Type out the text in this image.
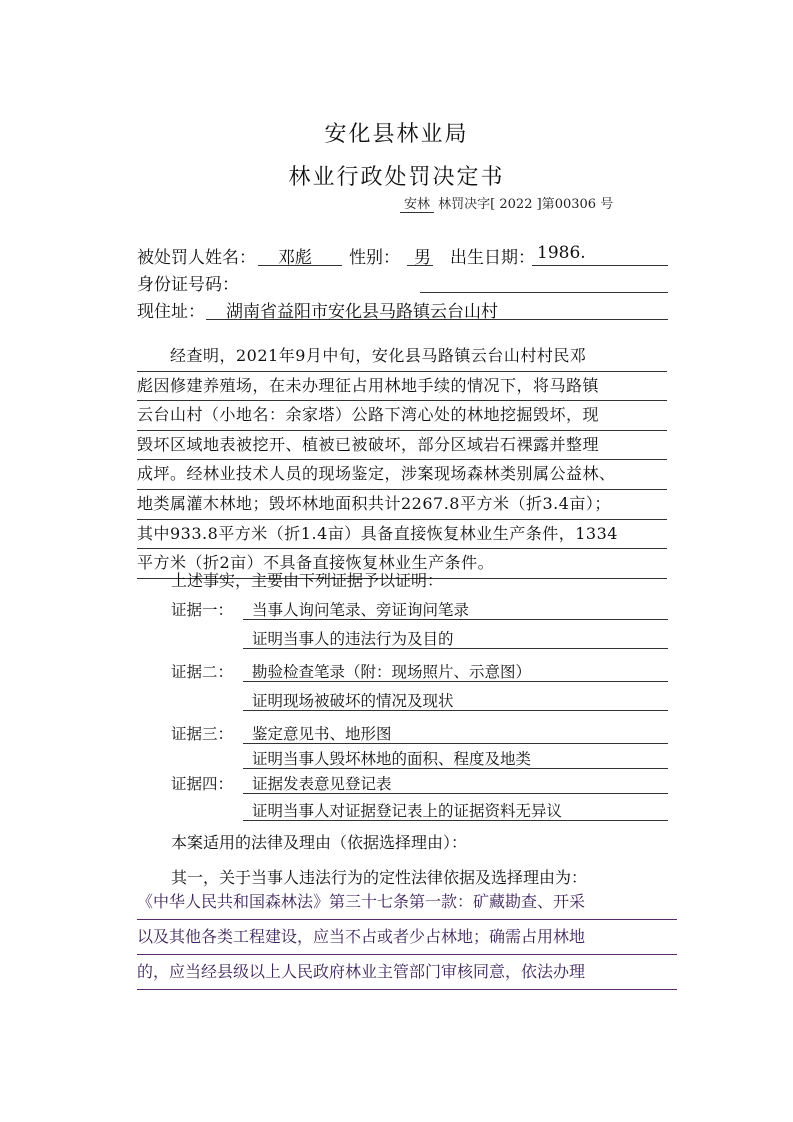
安化县林业局
林业行政处罚决定书
安林 林罚决字[ 2022 ]第00306 号
被处罚人姓名： 邓彪 性别： 男 出生日期： 1986.
身份证号码：
现住址： 湖南省益阳市安化县马路镇云台山村
　　经查明，2021年9月中旬，安化县马路镇云台山村村民邓
彪因修建养殖场，在未办理征占用林地手续的情况下，将马路镇
云台山村（小地名：余家塔）公路下湾心处的林地挖掘毁坏，现
毁坏区域地表被挖开、植被已被破坏，部分区域岩石裸露并整理
成坪。经林业技术人员的现场鉴定，涉案现场森林类别属公益林、
地类属灌木林地；毁坏林地面积共计2267.8平方米（折3.4亩）；
其中933.8平方米（折1.4亩）具备直接恢复林业生产条件，1334
平方米（折2亩）不具备直接恢复林业生产条件。
上述事实，主要由下列证据予以证明：
证据一： 当事人询问笔录、旁证询问笔录
证明当事人的违法行为及目的
证据二： 勘验检查笔录（附：现场照片、示意图）
证明现场被破坏的情况及现状
证据三： 鉴定意见书、地形图
证明当事人毁坏林地的面积、程度及地类
证据四： 证据发表意见登记表
证明当事人对证据登记表上的证据资料无异议
本案适用的法律及理由（依据选择理由）：
其一，关于当事人违法行为的定性法律依据及选择理由为：
《中华人民共和国森林法》第三十七条第一款：矿藏勘查、开采
以及其他各类工程建设，应当不占或者少占林地；确需占用林地
的，应当经县级以上人民政府林业主管部门审核同意，依法办理
